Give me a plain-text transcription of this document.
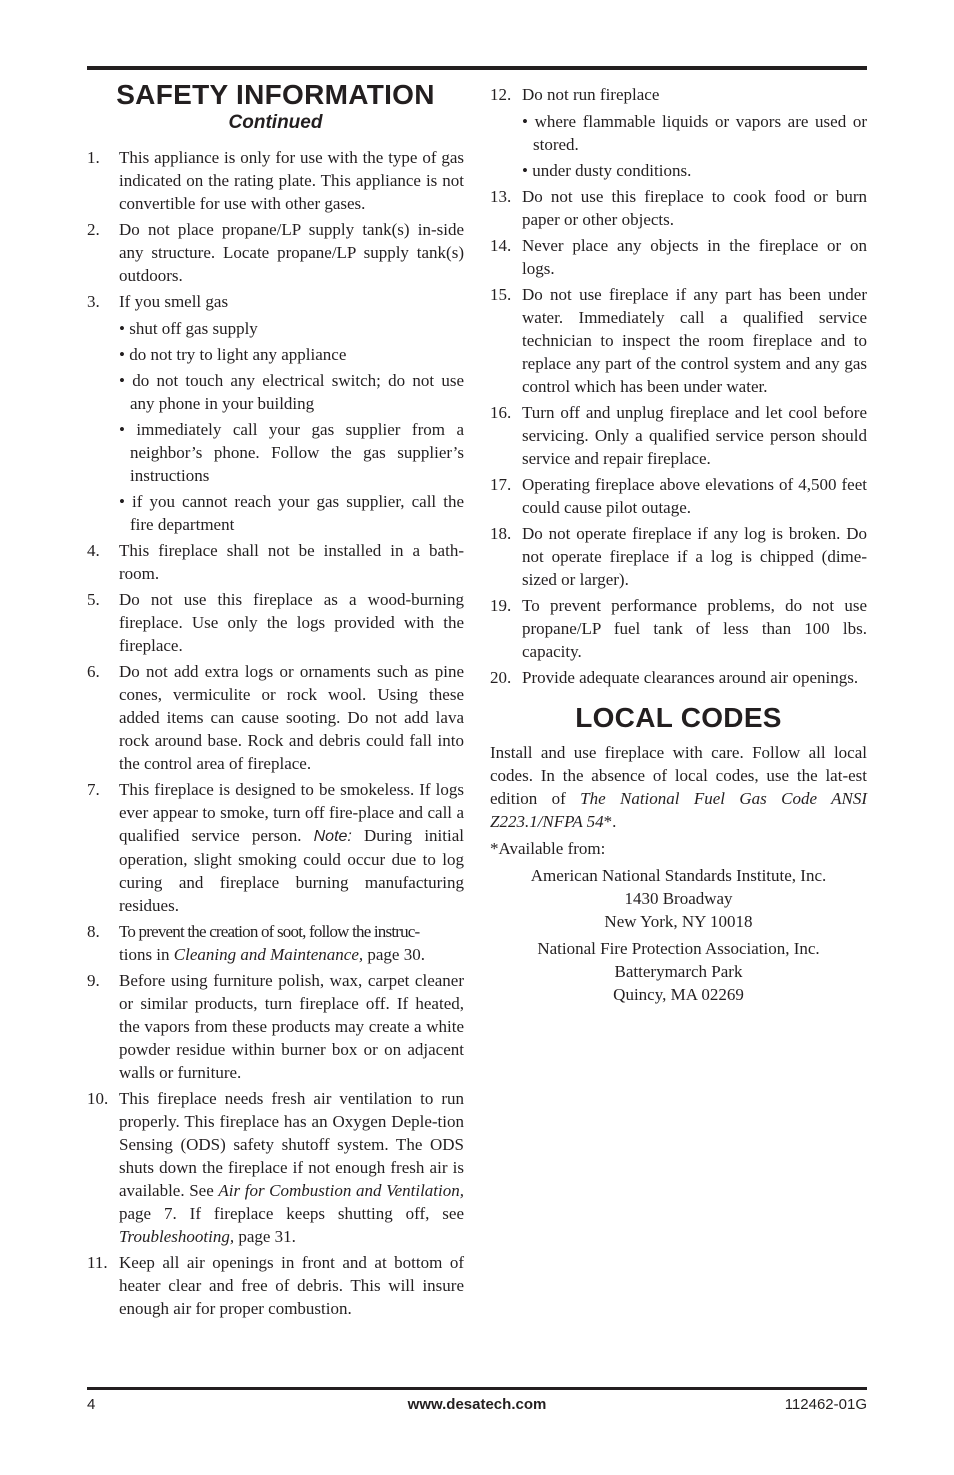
SAFETY INFORMATION
Continued
1. This appliance is only for use with the type of gas indicated on the rating plate. This appliance is not convertible for use with other gases.
2. Do not place propane/LP supply tank(s) in-side any structure. Locate propane/LP supply tank(s) outdoors.
3. If you smell gas
• shut off gas supply
• do not try to light any appliance
• do not touch any electrical switch; do not use any phone in your building
• immediately call your gas supplier from a neighbor’s phone. Follow the gas supplier’s instructions
• if you cannot reach your gas supplier, call the fire department
4. This fireplace shall not be installed in a bath-room.
5. Do not use this fireplace as a wood-burning fireplace. Use only the logs provided with the fireplace.
6. Do not add extra logs or ornaments such as pine cones, vermiculite or rock wool. Using these added items can cause sooting. Do not add lava rock around base. Rock and debris could fall into the control area of fireplace.
7. This fireplace is designed to be smokeless. If logs ever appear to smoke, turn off fire-place and call a qualified service person. Note: During initial operation, slight smoking could occur due to log curing and fireplace burning manufacturing residues.
8. To prevent the creation of soot, follow the instruc-
tions in Cleaning and Maintenance, page 30.
9. Before using furniture polish, wax, carpet cleaner or similar products, turn fireplace off. If heated, the vapors from these products may create a white powder residue within burner box or on adjacent walls or furniture.
10. This fireplace needs fresh air ventilation to run properly. This fireplace has an Oxygen Deple-tion Sensing (ODS) safety shutoff system. The ODS shuts down the fireplace if not enough fresh air is available. See Air for Combustion and Ventilation, page 7. If fireplace keeps shutting off, see Troubleshooting, page 31.
11. Keep all air openings in front and at bottom of heater clear and free of debris. This will insure enough air for proper combustion.
12. Do not run fireplace
• where flammable liquids or vapors are used or stored.
• under dusty conditions.
13. Do not use this fireplace to cook food or burn paper or other objects.
14. Never place any objects in the fireplace or on logs.
15. Do not use fireplace if any part has been under water. Immediately call a qualified service technician to inspect the room fireplace and to replace any part of the control system and any gas control which has been under water.
16. Turn off and unplug fireplace and let cool before servicing. Only a qualified service person should service and repair fireplace.
17. Operating fireplace above elevations of 4,500 feet could cause pilot outage.
18. Do not operate fireplace if any log is broken. Do not operate fireplace if a log is chipped (dime-sized or larger).
19. To prevent performance problems, do not use propane/LP fuel tank of less than 100 lbs. capacity.
20. Provide adequate clearances around air openings.
LOCAL CODES

Install and use fireplace with care. Follow all local codes. In the absence of local codes, use the lat-est edition of The National Fuel Gas Code ANSI Z223.1/NFPA 54*.

*Available from:

American National Standards Institute, Inc.
1430 Broadway
New York, NY 10018
National Fire Protection Association, Inc.
Batterymarch Park
Quincy, MA 02269
www.desatech.com
4	112462-01G
